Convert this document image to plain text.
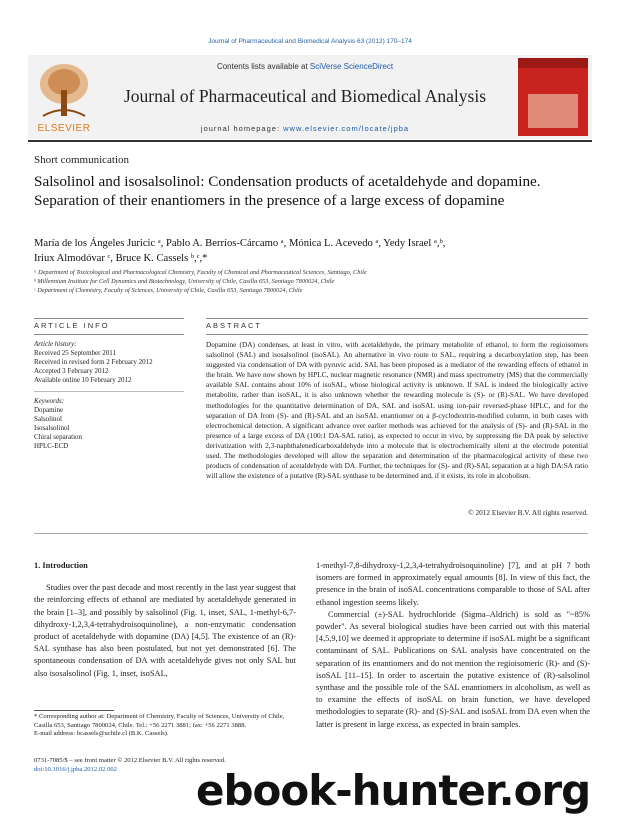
Journal of Pharmaceutical and Biomedical Analysis 63 (2012) 170–174
ELSEVIER
Contents lists available at SciVerse ScienceDirect
Journal of Pharmaceutical and Biomedical Analysis
journal homepage: www.elsevier.com/locate/jpba
Short communication
Salsolinol and isosalsolinol: Condensation products of acetaldehyde and dopamine. Separation of their enantiomers in the presence of a large excess of dopamine
María de los Ángeles Juricic ᵃ, Pablo A. Berríos-Cárcamo ᵃ, Mónica L. Acevedo ᵃ, Yedy Israel ᵃ,ᵇ,
Iriux Almodóvar ᶜ, Bruce K. Cassels ᵇ,ᶜ,*
ᵃ Department of Toxicological and Pharmacological Chemistry, Faculty of Chemical and Pharmaceutical Sciences, Santiago, Chile
ᵇ Millennium Institute for Cell Dynamics and Biotechnology, University of Chile, Casilla 653, Santiago 7800024, Chile
ᶜ Department of Chemistry, Faculty of Sciences, University of Chile, Casilla 653, Santiago 7800024, Chile
ARTICLE INFO	ABSTRACT
Article history:
Received 25 September 2011
Received in revised form 2 February 2012
Accepted 3 February 2012
Available online 10 February 2012
Keywords:
Dopamine
Salsolinol
Isosalsolinol
Chiral separation
HPLC-ECD
Dopamine (DA) condenses, at least in vitro, with acetaldehyde, the primary metabolite of ethanol, to form the regioisomers salsolinol (SAL) and isosalsolinol (isoSAL). An alternative in vivo route to SAL, requiring a decarboxylation step, has been suggested via condensation of DA with pyruvic acid. SAL has been proposed as a mediator of the rewarding effects of ethanol in the brain. We have now shown by HPLC, nuclear magnetic resonance (NMR) and mass spectrometry (MS) that the commercially available SAL contains about 10% of isoSAL, whose biological activity is unknown. If SAL is indeed the biologically active metabolite, rather than isoSAL, it is also unknown whether the rewarding molecule is (S)- or (R)-SAL. We have developed methodologies for the quantitative determination of DA, SAL and isoSAL using ion-pair reversed-phase HPLC, and for the separation of DA from (S)- and (R)-SAL and an isoSAL enantiomer on a β-cyclodextrin-modified column, in both cases with electrochemical detection. A significant advance over earlier methods was achieved for the analysis of (S)- and (R)-SAL in the presence of a large excess of DA (100:1 DA-SAL ratio), as expected to occur in vivo, by suppressing the DA peak by selective derivatization with 2,3-naphthalenedicarboxaldehyde into a molecule that is electrochemically silent at the electrode potential used. The methodologies developed will allow the separation and determination of the pharmacological activity of these two products of condensation of acetaldehyde with DA. Further, the techniques for (S)- and (R)-SAL separation at a high DA:SA ratio will allow the existence of a putative (R)-SAL synthase to be determined and, if it exists, its role in alcoholism.
© 2012 Elsevier B.V. All rights reserved.
1. Introduction

Studies over the past decade and most recently in the last year suggest that the reinforcing effects of ethanol are mediated by acetaldehyde generated in the brain [1–3], and possibly by salsolinol (Fig. 1, inset, SAL, 1-methyl-6,7-dihydroxy-1,2,3,4-tetrahydroisoquinoline), a non-enzymatic condensation product of acetaldehyde with dopamine (DA) [4,5]. The existence of an (R)-SAL synthase has also been postulated, but not yet demonstrated [6]. The spontaneous condensation of DA with acetaldehyde gives not only SAL but also isosalsolinol (Fig. 1, inset, isoSAL,

1-methyl-7,8-dihydroxy-1,2,3,4-tetrahydroisoquinoline) [7], and at pH 7 both isomers are formed in approximately equal amounts [8]. In view of this fact, the presence in the brain of isoSAL concentrations comparable to those of SAL after ethanol ingestion seems likely.

Commercial (±)-SAL hydrochloride (Sigma–Aldrich) is sold as "~85% powder". As several biological studies have been carried out with this material [4,5,9,10] we deemed it appropriate to determine if isoSAL might be a significant contaminant of SAL. Publications on SAL analysis have concentrated on the separation of its enantiomers and do not mention the regioisomeric (R)- and (S)-isoSAL [11–15]. In order to ascertain the putative existence of (R)-salsolinol synthase and the possible role of the SAL enantiomers in alcoholism, as well as to examine the effects of isoSAL on brain function, we have developed methodologies to separate (R)- and (S)-SAL and isoSAL from DA even when the latter is present in large excess, as expected in brain samples.

* Corresponding author at: Department of Chemistry, Faculty of Sciences, University of Chile, Casilla 653, Santiago 7800024, Chile. Tel.: +56 2271 3881; fax: +56 2271 3888.
E-mail address: bcassels@uchile.cl (B.K. Cassels).
0731-7085/$ – see front matter © 2012 Elsevier B.V. All rights reserved.
doi:10.1016/j.jpba.2012.02.002	ebook-hunter.org
